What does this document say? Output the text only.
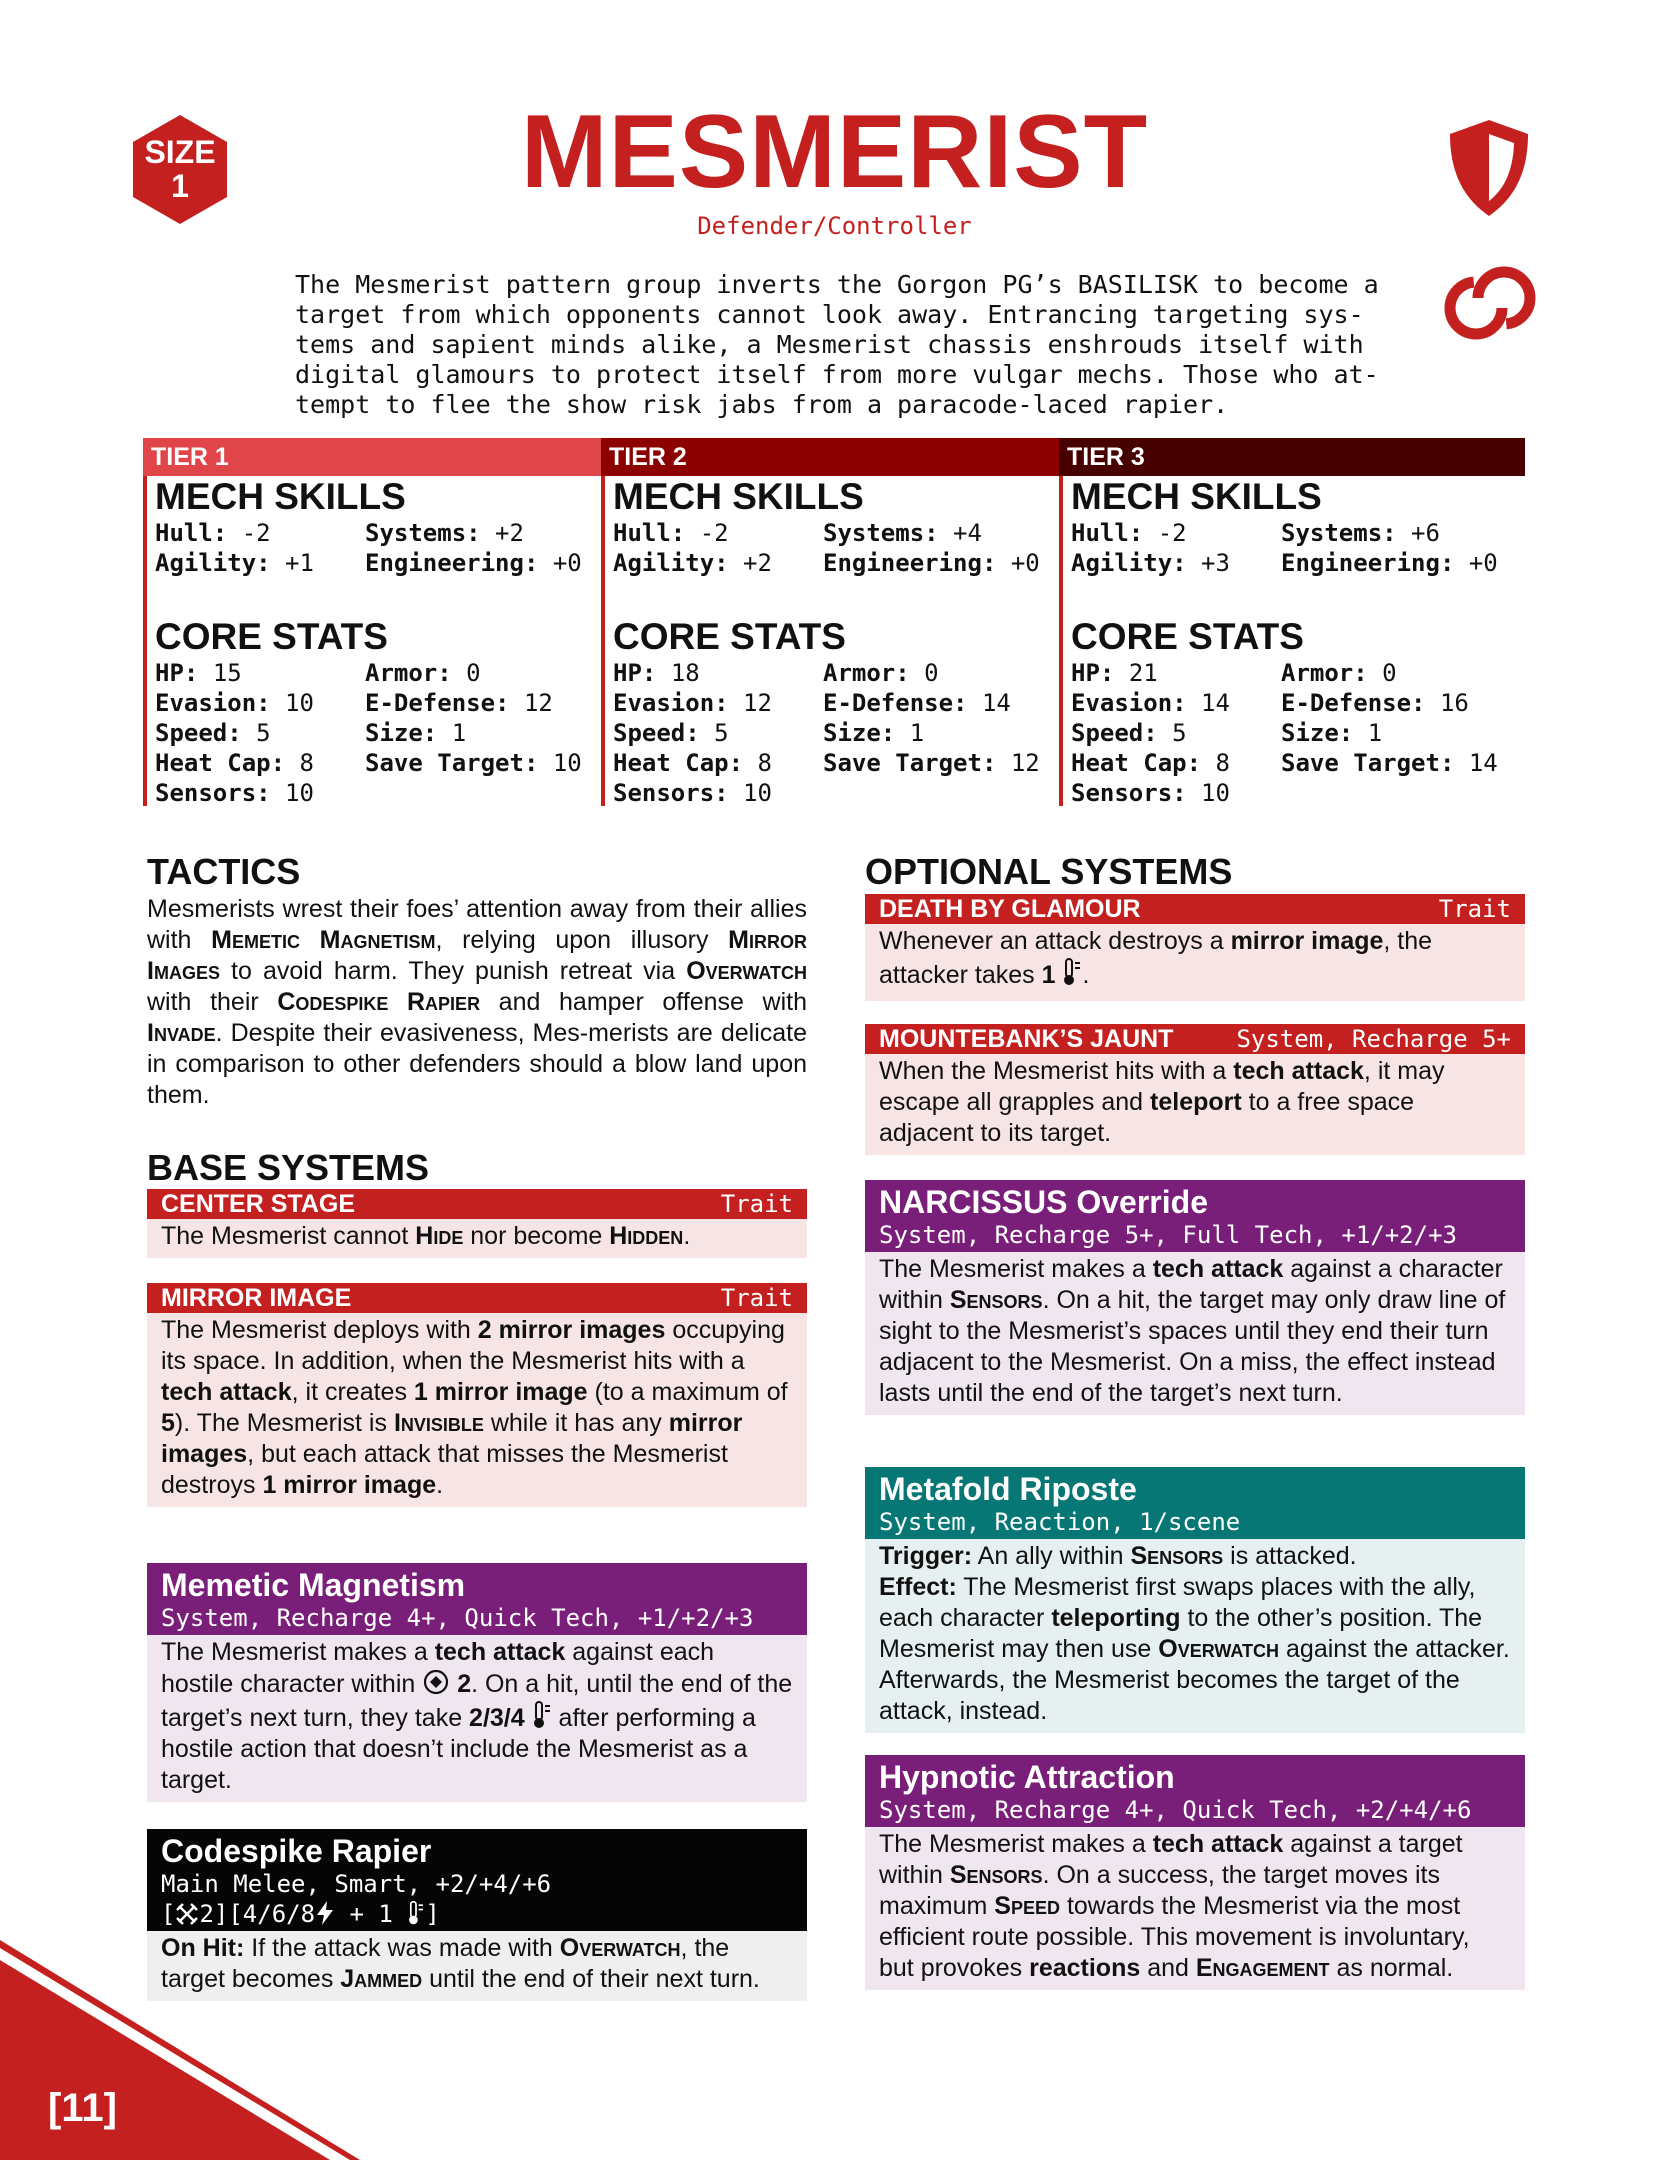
[11]
SIZE
1	MESMERIST
Defender/Controller
The Mesmerist pattern group inverts the Gorgon PG’s BASILISK to become a target from which opponents cannot look away. Entrancing targeting sys-tems and sapient minds alike, a Mesmerist chassis enshrouds itself with digital glamours to protect itself from more vulgar mechs. Those who at-tempt to flee the show risk jabs from a paracode-laced rapier.
TIER 1	TIER 2	TIER 3
MECH SKILLS
Hull: -2	Systems: +2
Agility: +1	Engineering: +0
CORE STATS
HP: 15	Armor: 0
Evasion: 10	E-Defense: 12
Speed: 5	Size: 1
Heat Cap: 8	Save Target: 10
Sensors: 10
MECH SKILLS
Hull: -2	Systems: +4
Agility: +2	Engineering: +0
CORE STATS
HP: 18	Armor: 0
Evasion: 12	E-Defense: 14
Speed: 5	Size: 1
Heat Cap: 8	Save Target: 12
Sensors: 10
MECH SKILLS
Hull: -2	Systems: +6
Agility: +3	Engineering: +0
CORE STATS
HP: 21	Armor: 0
Evasion: 14	E-Defense: 16
Speed: 5	Size: 1
Heat Cap: 8	Save Target: 14
Sensors: 10
TACTICS
Mesmerists wrest their foes’ attention away from their allies with Memetic Magnetism, relying upon illusory Mirror Images to avoid harm. They punish retreat via Overwatch with their Codespike Rapier and hamper offense with Invade. Despite their evasiveness, Mes-merists are delicate in comparison to other defenders should a blow land upon them.
BASE SYSTEMS
CENTER STAGE	Trait
The Mesmerist cannot Hide nor become Hidden.
MIRROR IMAGE	Trait
The Mesmerist deploys with 2 mirror images occupying its space. In addition, when the Mesmerist hits with a tech attack, it creates 1 mirror image (to a maximum of 5). The Mesmerist is Invisible while it has any mirror images, but each attack that misses the Mesmerist destroys 1 mirror image.
Memetic Magnetism
System, Recharge 4+, Quick Tech, +1/+2/+3
The Mesmerist makes a tech attack against each hostile character within  2. On a hit, until the end of the target’s next turn, they take 2/3/4  after performing a hostile action that doesn’t include the Mesmerist as a target.
Codespike Rapier
Main Melee, Smart, +2/+4/+6
[ 2][4/6/8 + 1 ]
On Hit: If the attack was made with Overwatch, the target becomes Jammed until the end of their next turn.
OPTIONAL SYSTEMS
DEATH BY GLAMOUR	Trait
Whenever an attack destroys a mirror image, the attacker takes 1 .
MOUNTEBANK’S JAUNT	System, Recharge 5+
When the Mesmerist hits with a tech attack, it may escape all grapples and teleport to a free space adjacent to its target.
NARCISSUS Override
System, Recharge 5+, Full Tech, +1/+2/+3
The Mesmerist makes a tech attack against a character within Sensors. On a hit, the target may only draw line of sight to the Mesmerist’s spaces until they end their turn adjacent to the Mesmerist. On a miss, the effect instead lasts until the end of the target’s next turn.
Metafold Riposte
System, Reaction, 1/scene
Trigger: An ally within Sensors is attacked.
Effect: The Mesmerist first swaps places with the ally, each character teleporting to the other’s position. The Mesmerist may then use Overwatch against the attacker. Afterwards, the Mesmerist becomes the target of the attack, instead.
Hypnotic Attraction
System, Recharge 4+, Quick Tech, +2/+4/+6
The Mesmerist makes a tech attack against a target within Sensors. On a success, the target moves its maximum Speed towards the Mesmerist via the most efficient route possible. This movement is involuntary, but provokes reactions and Engagement as normal.
